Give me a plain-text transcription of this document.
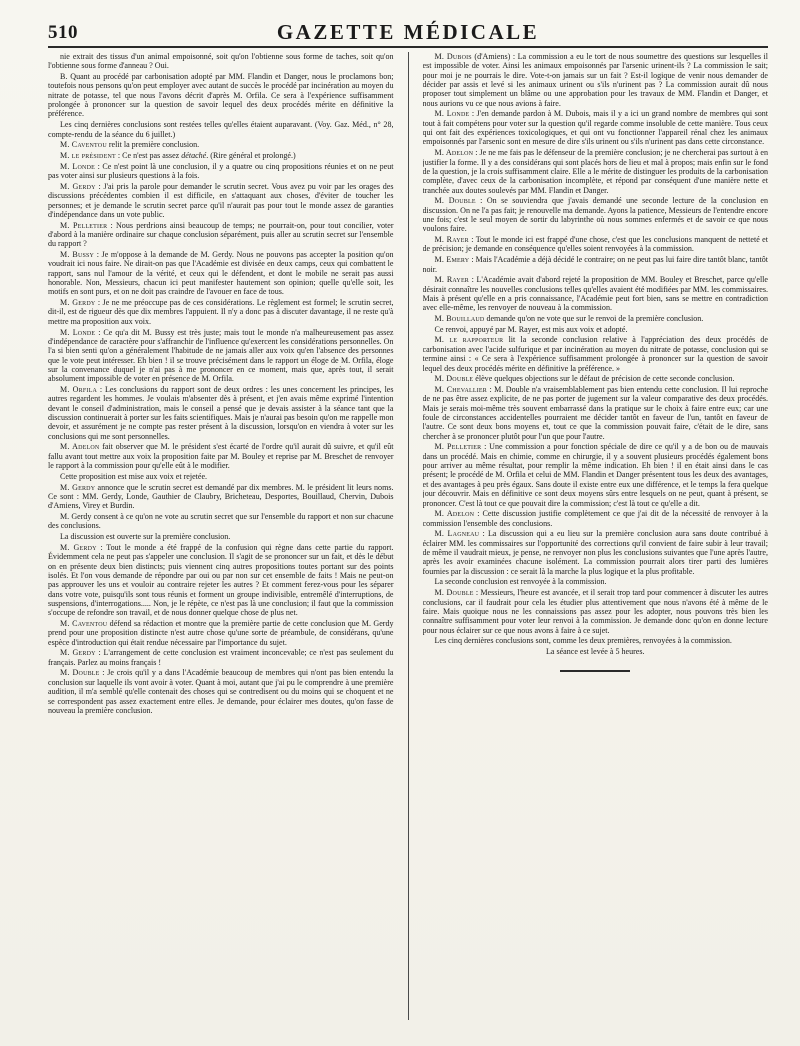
510	GAZETTE MÉDICALE

nie extrait des tissus d'un animal empoisonné, soit qu'on l'obtienne sous forme de taches, soit qu'on l'obtienne sous forme d'anneau ? Oui.

B. Quant au procédé par carbonisation adopté par MM. Flandin et Danger, nous le proclamons bon; toutefois nous pensons qu'on peut employer avec autant de succès le procédé par incinération au moyen du nitrate de potasse, tel que nous l'avons décrit d'après M. Orfila. Ce sera à l'expérience suffisamment prolongée à prononcer sur la question de savoir lequel des deux procédés mérite en définitive la préférence.

Les cinq dernières conclusions sont restées telles qu'elles étaient auparavant. (Voy. Gaz. Méd., n° 28, compte-rendu de la séance du 6 juillet.)

M. Caventou relit la première conclusion.

M. le président : Ce n'est pas assez détaché. (Rire général et prolongé.)

M. Londe : Ce n'est point là une conclusion, il y a quatre ou cinq propositions réunies et on ne peut pas voter ainsi sur plusieurs questions à la fois.

M. Gerdy : J'ai pris la parole pour demander le scrutin secret. Vous avez pu voir par les orages des discussions précédentes combien il est difficile, en s'attaquant aux choses, d'éviter de toucher les personnes; et je demande le scrutin secret parce qu'il n'aurait pas pour tout le monde assez de garanties d'indépendance dans un vote public.

M. Pelletier : Nous perdrions ainsi beaucoup de temps; ne pourrait-on, pour tout concilier, voter d'abord à la manière ordinaire sur chaque conclusion séparément, puis aller au scrutin secret sur l'ensemble du rapport ?

M. Bussy : Je m'oppose à la demande de M. Gerdy. Nous ne pouvons pas accepter la position qu'on voudrait ici nous faire. Ne dirait-on pas que l'Académie est divisée en deux camps, ceux qui combattent le rapport, sans nul l'amour de la vérité, et ceux qui le défendent, et dont le mobile ne serait pas aussi honorable. Non, Messieurs, chacun ici peut manifester hautement son opinion; quelle qu'elle soit, les motifs en sont purs, et on ne doit pas craindre de l'avouer en face de tous.

M. Gerdy : Je ne me préoccupe pas de ces considérations. Le règlement est formel; le scrutin secret, dit-il, est de rigueur dès que dix membres l'appuient. Il n'y a donc pas à discuter davantage, il ne reste qu'à mettre ma proposition aux voix.

M. Londe : Ce qu'a dit M. Bussy est très juste; mais tout le monde n'a malheureusement pas assez d'indépendance de caractère pour s'affranchir de l'influence qu'exercent les considérations personnelles. On l'a si bien senti qu'on a généralement l'habitude de ne jamais aller aux voix qu'en l'absence des personnes que le vote peut intéresser. Eh bien ! il se trouve précisément dans le rapport un éloge de M. Orfila, éloge sur la convenance duquel je n'ai pas à me prononcer en ce moment, mais que, après tout, il serait absolument impossible de voter en présence de M. Orfila.

M. Orfila : Les conclusions du rapport sont de deux ordres : les unes concernent les principes, les autres regardent les hommes. Je voulais m'absenter dès à présent, et j'en avais même exprimé l'intention devant le conseil d'administration, mais le conseil a pensé que je devais assister à la séance tant que la discussion continuerait à porter sur les faits scientifiques. Mais je n'aurai pas besoin qu'on me rappelle mon devoir, et assurément je ne compte pas rester présent à la discussion, lorsqu'on en viendra à voter sur les conclusions qui me sont personnelles.

M. Adelon fait observer que M. le président s'est écarté de l'ordre qu'il aurait dû suivre, et qu'il eût fallu avant tout mettre aux voix la proposition faite par M. Bouley et reprise par M. Breschet de renvoyer le rapport à la commission pour qu'elle eût à le modifier.

Cette proposition est mise aux voix et rejetée.

M. Gerdy annonce que le scrutin secret est demandé par dix membres. M. le président lit leurs noms. Ce sont : MM. Gerdy, Londe, Gauthier de Claubry, Bricheteau, Desportes, Bouillaud, Chervin, Dubois d'Amiens, Virey et Burdin.

M. Gerdy consent à ce qu'on ne vote au scrutin secret que sur l'ensemble du rapport et non sur chacune des conclusions.

La discussion est ouverte sur la première conclusion.

M. Gerdy : Tout le monde a été frappé de la confusion qui règne dans cette partie du rapport. Évidemment cela ne peut pas s'appeler une conclusion. Il s'agit de se prononcer sur un fait, et dès le début on en présente deux bien distincts; puis viennent cinq autres propositions toutes portant sur des points isolés. Et l'on vous demande de répondre par oui ou par non sur cet ensemble de faits ! Mais ne peut-on pas approuver les uns et vouloir au contraire rejeter les autres ? Et comment ferez-vous pour les séparer dans votre vote, puisqu'ils sont tous réunis et forment un groupe indivisible, entremêlé d'interruptions, de suspensions, d'interrogations..... Non, je le répète, ce n'est pas là une conclusion; il faut que la commission s'occupe de refondre son travail, et de nous donner quelque chose de plus net.

M. Caventou défend sa rédaction et montre que la première partie de cette conclusion que M. Gerdy prend pour une proposition distincte n'est autre chose qu'une sorte de préambule, de considérans, qu'une espèce d'introduction qui était rendue nécessaire par l'importance du sujet.

M. Gerdy : L'arrangement de cette conclusion est vraiment inconcevable; ce n'est pas seulement du français. Parlez au moins français !

M. Double : Je crois qu'il y a dans l'Académie beaucoup de membres qui n'ont pas bien entendu la conclusion sur laquelle ils vont avoir à voter. Quant à moi, autant que j'ai pu le comprendre à une première audition, il m'a semblé qu'elle contenait des choses qui se contredisent ou du moins qui se choquent et ne se correspondent pas assez exactement entre elles. Je demande, pour éclairer mes doutes, qu'on fasse de nouveau la première conclusion.

M. Dubois (d'Amiens) : La commission a eu le tort de nous soumettre des questions sur lesquelles il est impossible de voter. Ainsi les animaux empoisonnés par l'arsenic urinent-ils ? La commission le sait; pour moi je ne pourrais le dire. Vote-t-on jamais sur un fait ? Est-il logique de venir nous demander de décider par assis et levé si les animaux urinent ou s'ils n'urinent pas ? La commission aurait dû nous proposer tout simplement un blâme ou une approbation pour les travaux de MM. Flandin et Danger, et nous aurions vu ce que nous avions à faire.

M. Londe : J'en demande pardon à M. Dubois, mais il y a ici un grand nombre de membres qui sont tout à fait compétens pour voter sur la question qu'il regarde comme insoluble de cette manière. Tous ceux qui ont fait des expériences toxicologiques, et qui ont vu fonctionner l'appareil rénal chez les animaux empoisonnés par l'arsenic sont en mesure de dire s'ils urinent ou s'ils n'urinent pas dans cette circonstance.

M. Adelon : Je ne me fais pas le défenseur de la première conclusion; je ne chercherai pas surtout à en justifier la forme. Il y a des considérans qui sont placés hors de lieu et mal à propos; mais enfin sur le fond de la question, je la crois suffisamment claire. Elle a le mérite de distinguer les produits de la carbonisation complète, d'avec ceux de la carbonisation incomplète, et répond par conséquent d'une manière nette et tranchée aux doutes soulevés par MM. Flandin et Danger.

M. Double : On se souviendra que j'avais demandé une seconde lecture de la conclusion en discussion. On ne l'a pas fait; je renouvelle ma demande. Ayons la patience, Messieurs de l'entendre encore une fois; c'est le seul moyen de sortir du labyrinthe où nous sommes enfermés et de savoir ce que nous voulons faire.

M. Rayer : Tout le monde ici est frappé d'une chose, c'est que les conclusions manquent de netteté et de précision; je demande en conséquence qu'elles soient renvoyées à la commission.

M. Emery : Mais l'Académie a déjà décidé le contraire; on ne peut pas lui faire dire tantôt blanc, tantôt noir.

M. Rayer : L'Académie avait d'abord rejeté la proposition de MM. Bouley et Breschet, parce qu'elle désirait connaître les nouvelles conclusions telles qu'elles avaient été modifiées par MM. les commissaires. Mais à présent qu'elle en a pris connaissance, l'Académie peut fort bien, sans se mettre en contradiction avec elle-même, les renvoyer de nouveau à la commission.

M. Bouillaud demande qu'on ne vote que sur le renvoi de la première conclusion.

Ce renvoi, appuyé par M. Rayer, est mis aux voix et adopté.

M. le rapporteur lit la seconde conclusion relative à l'appréciation des deux procédés de carbonisation avec l'acide sulfurique et par incinération au moyen du nitrate de potasse, conclusion qui se termine ainsi : « Ce sera à l'expérience suffisamment prolongée à prononcer sur la question de savoir lequel des deux procédés mérite en définitive la préférence. »

M. Double élève quelques objections sur le défaut de précision de cette seconde conclusion.

M. Chevallier : M. Double n'a vraisemblablement pas bien entendu cette conclusion. Il lui reproche de ne pas être assez explicite, de ne pas porter de jugement sur la valeur comparative des deux procédés. Mais je serais moi-même très souvent embarrassé dans la pratique sur le choix à faire entre eux; car une foule de circonstances accidentelles pourraient me décider tantôt en faveur de l'un, tantôt en faveur de l'autre. Ce sont deux bons moyens et, tout ce que la commission pouvait faire, c'était de le dire, sans chercher à se prononcer plutôt pour l'un que pour l'autre.

M. Pelletier : Une commission a pour fonction spéciale de dire ce qu'il y a de bon ou de mauvais dans un procédé. Mais en chimie, comme en chirurgie, il y a souvent plusieurs procédés également bons pour arriver au même résultat, pour remplir la même indication. Eh bien ! il en était ainsi dans le cas présent; le procédé de M. Orfila et celui de MM. Flandin et Danger présentent tous les deux des avantages, et des avantages à peu près égaux. Sans doute il existe entre eux une différence, et le temps la fera quelque jour découvrir. Mais en définitive ce sont deux moyens sûrs entre lesquels on ne peut, quant à présent, se prononcer. C'est là tout ce que pouvait dire la commission; c'est là tout ce qu'elle a dit.

M. Adelon : Cette discussion justifie complètement ce que j'ai dit de la nécessité de renvoyer à la commission l'ensemble des conclusions.

M. Lagneau : La discussion qui a eu lieu sur la première conclusion aura sans doute contribué à éclairer MM. les commissaires sur l'opportunité des corrections qu'il convient de faire subir à leur travail; de même il vaudrait mieux, je pense, ne renvoyer non plus les conclusions suivantes que l'une après l'autre, après les avoir examinées chacune isolément. La commission pourrait alors tirer parti des lumières fournies par la discussion : ce serait là la marche la plus logique et la plus profitable.

La seconde conclusion est renvoyée à la commission.

M. Double : Messieurs, l'heure est avancée, et il serait trop tard pour commencer à discuter les autres conclusions, car il faudrait pour cela les étudier plus attentivement que nous n'avons été à même de le faire. Mais quoique nous ne les connaissions pas assez pour les adopter, nous pouvons très bien les connaître suffisamment pour voter leur renvoi à la commission. Je demande donc qu'on en donne lecture pour nous éclairer sur ce que nous avons à faire à ce sujet.

Les cinq dernières conclusions sont, comme les deux premières, renvoyées à la commission.

La séance est levée à 5 heures.
